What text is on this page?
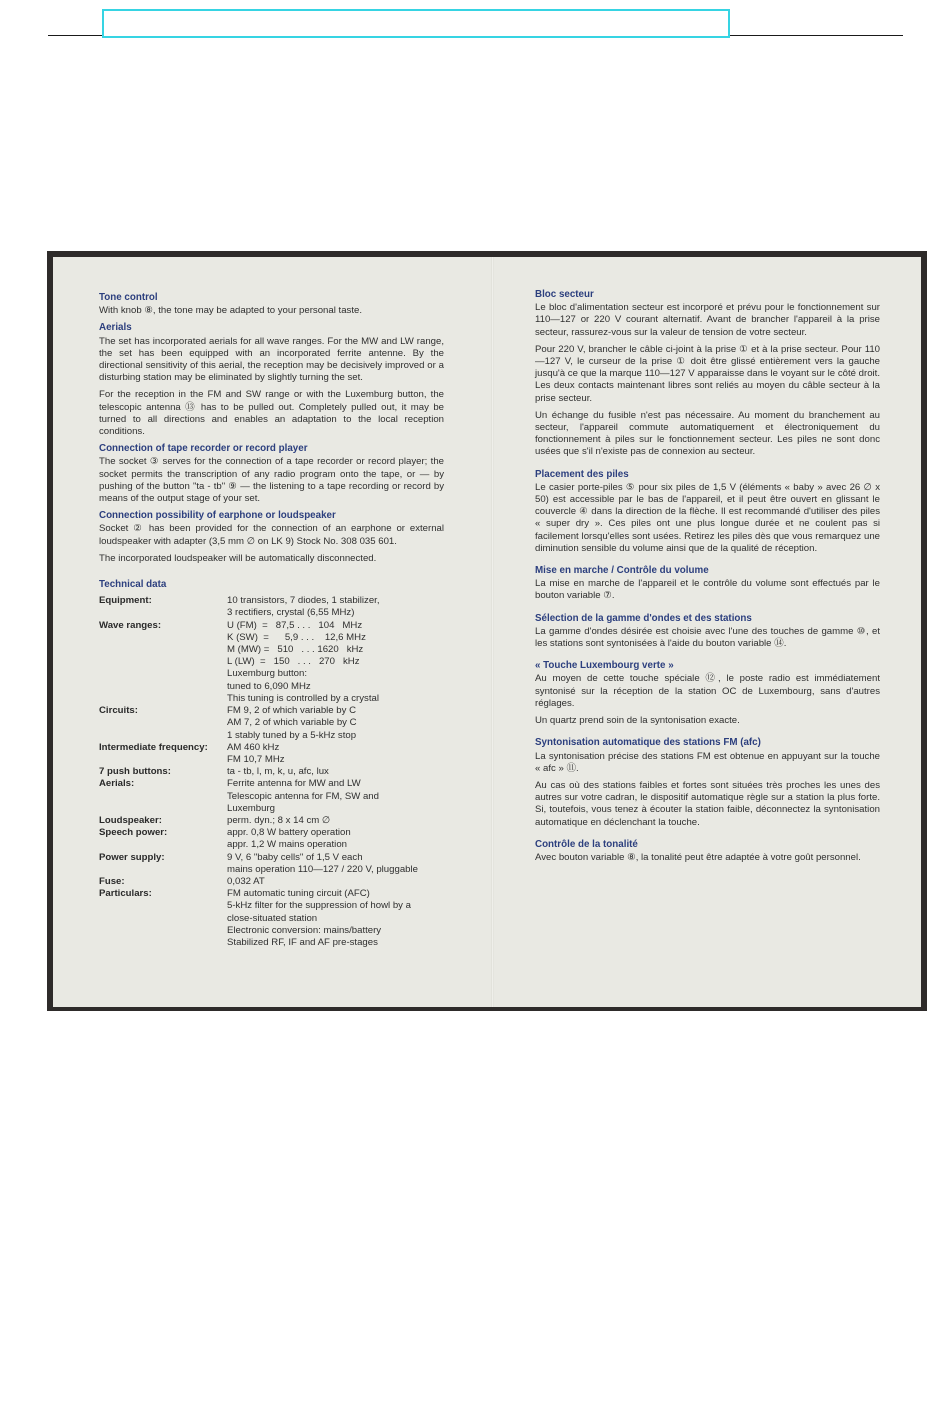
Tone control

With knob ⑧, the tone may be adapted to your personal taste.

Aerials

The set has incorporated aerials for all wave ranges. For the MW and LW range, the set has been equipped with an incorporated ferrite antenne. By the directional sensitivity of this aerial, the reception may be decisively improved or a disturbing station may be eliminated by slightly turning the set.

For the reception in the FM and SW range or with the Luxemburg button, the telescopic antenna ⑬ has to be pulled out. Completely pulled out, it may be turned to all directions and enables an adaptation to the local reception conditions.

Connection of tape recorder or record player

The socket ③ serves for the connection of a tape recorder or record player; the socket permits the transcription of any radio program onto the tape, or — by pushing of the button "ta - tb" ⑨ — the listening to a tape recording or record by means of the output stage of your set.

Connection possibility of earphone or loudspeaker

Socket ② has been provided for the connection of an earphone or external loudspeaker with adapter (3,5 mm ∅ on LK 9) Stock No. 308 035 601.

The incorporated loudspeaker will be automatically disconnected.

Technical data
Equipment:	10 transistors, 7 diodes, 1 stabilizer,
3 rectifiers, crystal (6,55 MHz)
Wave ranges:	U (FM)  =   87,5 . . .   104   MHz
K (SW)  =      5,9 . . .    12,6 MHz
M (MW) =   510   . . . 1620   kHz
L (LW)  =   150   . . .   270   kHz
Luxemburg button:
tuned to 6,090 MHz
This tuning is controlled by a crystal
Circuits:	FM 9, 2 of which variable by C
AM 7, 2 of which variable by C
1 stably tuned by a 5-kHz stop
Intermediate frequency:	AM 460 kHz
FM 10,7 MHz
7 push buttons:	ta - tb, l, m, k, u, afc, lux
Aerials:	Ferrite antenna for MW and LW
Telescopic antenna for FM, SW and
Luxemburg
Loudspeaker:	perm. dyn.; 8 x 14 cm ∅
Speech power:	appr. 0,8 W battery operation
appr. 1,2 W mains operation
Power supply:	9 V, 6 "baby cells" of 1,5 V each
mains operation 110—127 / 220 V, pluggable
Fuse:	0,032 AT
Particulars:	FM automatic tuning circuit (AFC)
5-kHz filter for the suppression of howl by a
close-situated station
Electronic conversion: mains/battery
Stabilized RF, IF and AF pre-stages
Bloc secteur

Le bloc d'alimentation secteur est incorporé et prévu pour le fonctionnement sur 110—127 or 220 V courant alternatif. Avant de brancher l'appareil à la prise secteur, rassurez-vous sur la valeur de tension de votre secteur.

Pour 220 V, brancher le câble ci-joint à la prise ① et à la prise secteur. Pour 110—127 V, le curseur de la prise ① doit être glissé entièrement vers la gauche jusqu'à ce que la marque 110—127 V apparaisse dans le voyant sur le côté droit. Les deux contacts maintenant libres sont reliés au moyen du câble secteur à la prise secteur.

Un échange du fusible n'est pas nécessaire. Au moment du branchement au secteur, l'appareil commute automatiquement et électroniquement du fonctionnement à piles sur le fonctionnement secteur. Les piles ne sont donc usées que s'il n'existe pas de connexion au secteur.

Placement des piles

Le casier porte-piles ⑤ pour six piles de 1,5 V (éléments « baby » avec 26 ∅ x 50) est accessible par le bas de l'appareil, et il peut être ouvert en glissant le couvercle ④ dans la direction de la flèche. Il est recommandé d'utiliser des piles « super dry ». Ces piles ont une plus longue durée et ne coulent pas si facilement lorsqu'elles sont usées. Retirez les piles dès que vous remarquez une diminution sensible du volume ainsi que de la qualité de réception.

Mise en marche / Contrôle du volume

La mise en marche de l'appareil et le contrôle du volume sont effectués par le bouton variable ⑦.

Sélection de la gamme d'ondes et des stations

La gamme d'ondes désirée est choisie avec l'une des touches de gamme ⑩, et les stations sont syntonisées à l'aide du bouton variable ⑭.

« Touche Luxembourg verte »

Au moyen de cette touche spéciale ⑫, le poste radio est immédiatement syntonisé sur la réception de la station OC de Luxembourg, sans d'autres réglages.

Un quartz prend soin de la syntonisation exacte.

Syntonisation automatique des stations FM (afc)

La syntonisation précise des stations FM est obtenue en appuyant sur la touche « afc » ⑪.

Au cas où des stations faibles et fortes sont situées très proches les unes des autres sur votre cadran, le dispositif automatique règle sur a station la plus forte. Si, toutefois, vous tenez à écouter la station faible, déconnectez la syntonisation automatique en déclenchant la touche.

Contrôle de la tonalité

Avec bouton variable ⑧, la tonalité peut être adaptée à votre goût personnel.
